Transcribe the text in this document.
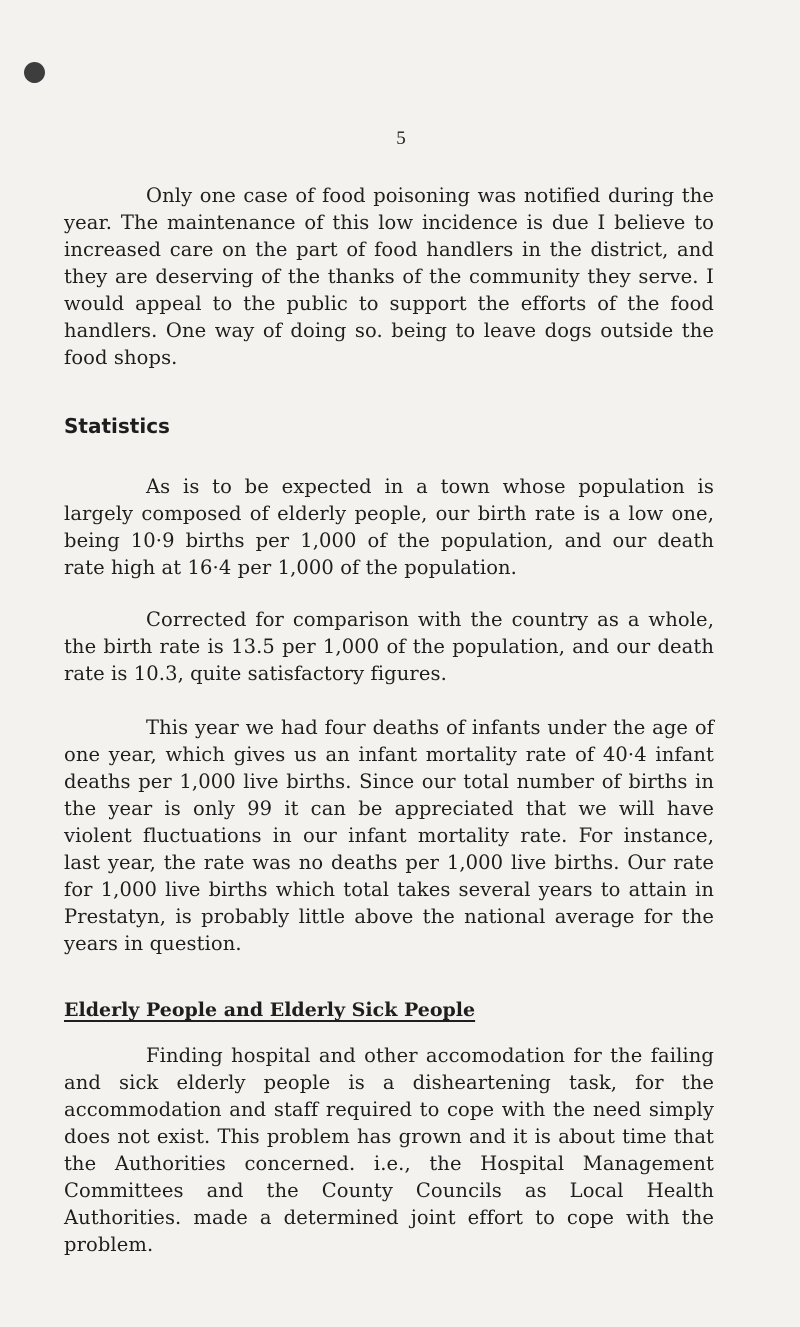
5

Only one case of food poisoning was notified during the year. The maintenance of this low incidence is due I believe to increased care on the part of food handlers in the district, and they are deserving of the thanks of the community they serve. I would appeal to the public to support the efforts of the food handlers. One way of doing so. being to leave dogs outside the food shops.

Statistics

As is to be expected in a town whose population is largely composed of elderly people, our birth rate is a low one, being 10·9 births per 1,000 of the population, and our death rate high at 16·4 per 1,000 of the population.

Corrected for comparison with the country as a whole, the birth rate is 13.5 per 1,000 of the population, and our death rate is 10.3, quite satisfactory figures.

This year we had four deaths of infants under the age of one year, which gives us an infant mortality rate of 40·4 infant deaths per 1,000 live births. Since our total number of births in the year is only 99 it can be appreciated that we will have violent fluctuations in our infant mortality rate. For instance, last year, the rate was no deaths per 1,000 live births. Our rate for 1,000 live births which total takes several years to attain in Prestatyn, is probably little above the national average for the years in question.

Elderly People and Elderly Sick People

Finding hospital and other accomodation for the failing and sick elderly people is a disheartening task, for the accommodation and staff required to cope with the need simply does not exist. This problem has grown and it is about time that the Authorities concerned. i.e., the Hospital Management Committees and the County Councils as Local Health Authorities. made a determined joint effort to cope with the problem.
